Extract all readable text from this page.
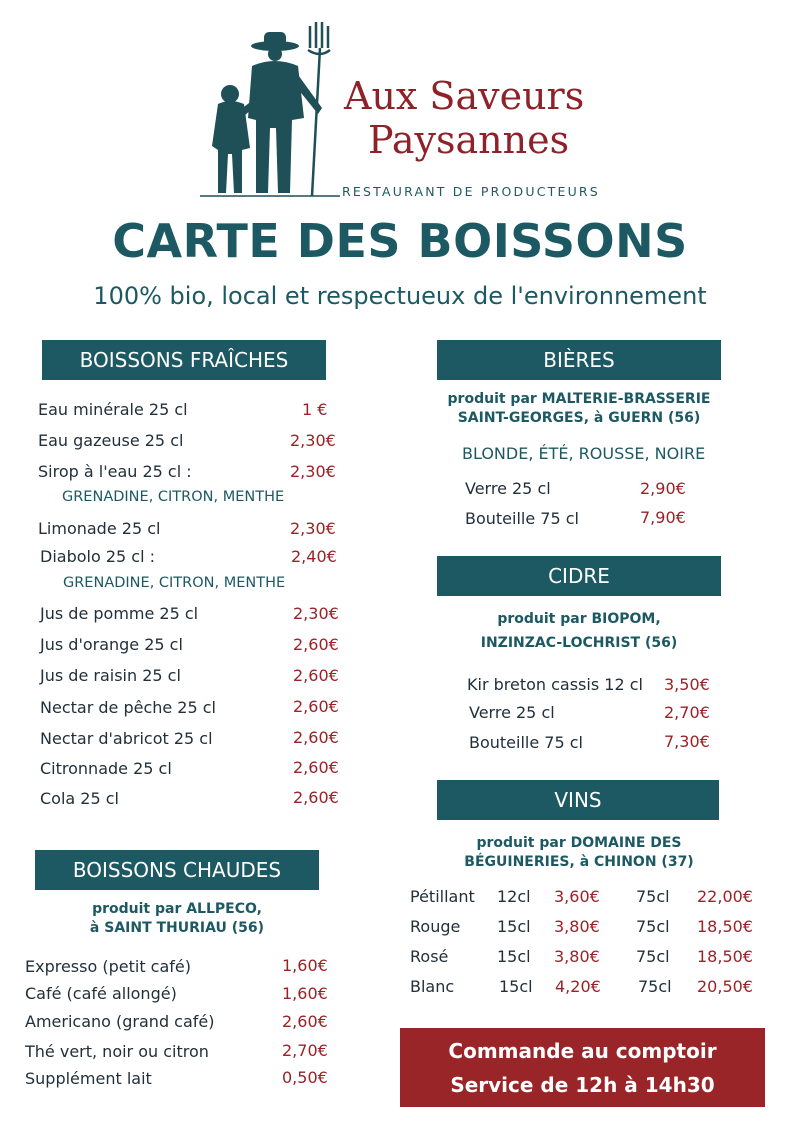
Aux Saveurs
Paysannes
RESTAURANT DE PRODUCTEURS
CARTE DES BOISSONS
100% bio, local et respectueux de l'environnement
BOISSONS FRAÎCHES
Eau minérale 25 cl	1 €
Eau gazeuse 25 cl	2,30€
Sirop à l'eau 25 cl :	2,30€
GRENADINE, CITRON, MENTHE
Limonade 25 cl	2,30€
Diabolo 25 cl :	2,40€
GRENADINE, CITRON, MENTHE
Jus de pomme 25 cl	2,30€
Jus d'orange 25 cl	2,60€
Jus de raisin 25 cl	2,60€
Nectar de pêche 25 cl	2,60€
Nectar d'abricot 25 cl	2,60€
Citronnade 25 cl	2,60€
Cola 25 cl	2,60€
BOISSONS CHAUDES
produit par ALLPECO,
à SAINT THURIAU (56)
Expresso (petit café)	1,60€
Café (café allongé)	1,60€
Americano (grand café)	2,60€
Thé vert, noir ou citron	2,70€
Supplément lait	0,50€
BIÈRES
produit par MALTERIE-BRASSERIE
SAINT-GEORGES, à GUERN (56)
BLONDE, ÉTÉ, ROUSSE, NOIRE
Verre 25 cl	2,90€
Bouteille 75 cl	7,90€
CIDRE
produit par BIOPOM,
INZINZAC-LOCHRIST (56)
Kir breton cassis 12 cl 3,50€
Verre 25 cl	2,70€
Bouteille 75 cl	7,30€
VINS
produit par DOMAINE DES
BÉGUINERIES, à CHINON (37)
Pétillant 12cl 3,60€ 75cl 22,00€
Rouge 15cl 3,80€ 75cl 18,50€
Rosé	15cl 3,80€ 75cl 18,50€
Blanc	15cl 4,20€ 75cl 20,50€
Commande au comptoir
Service de 12h à 14h30
